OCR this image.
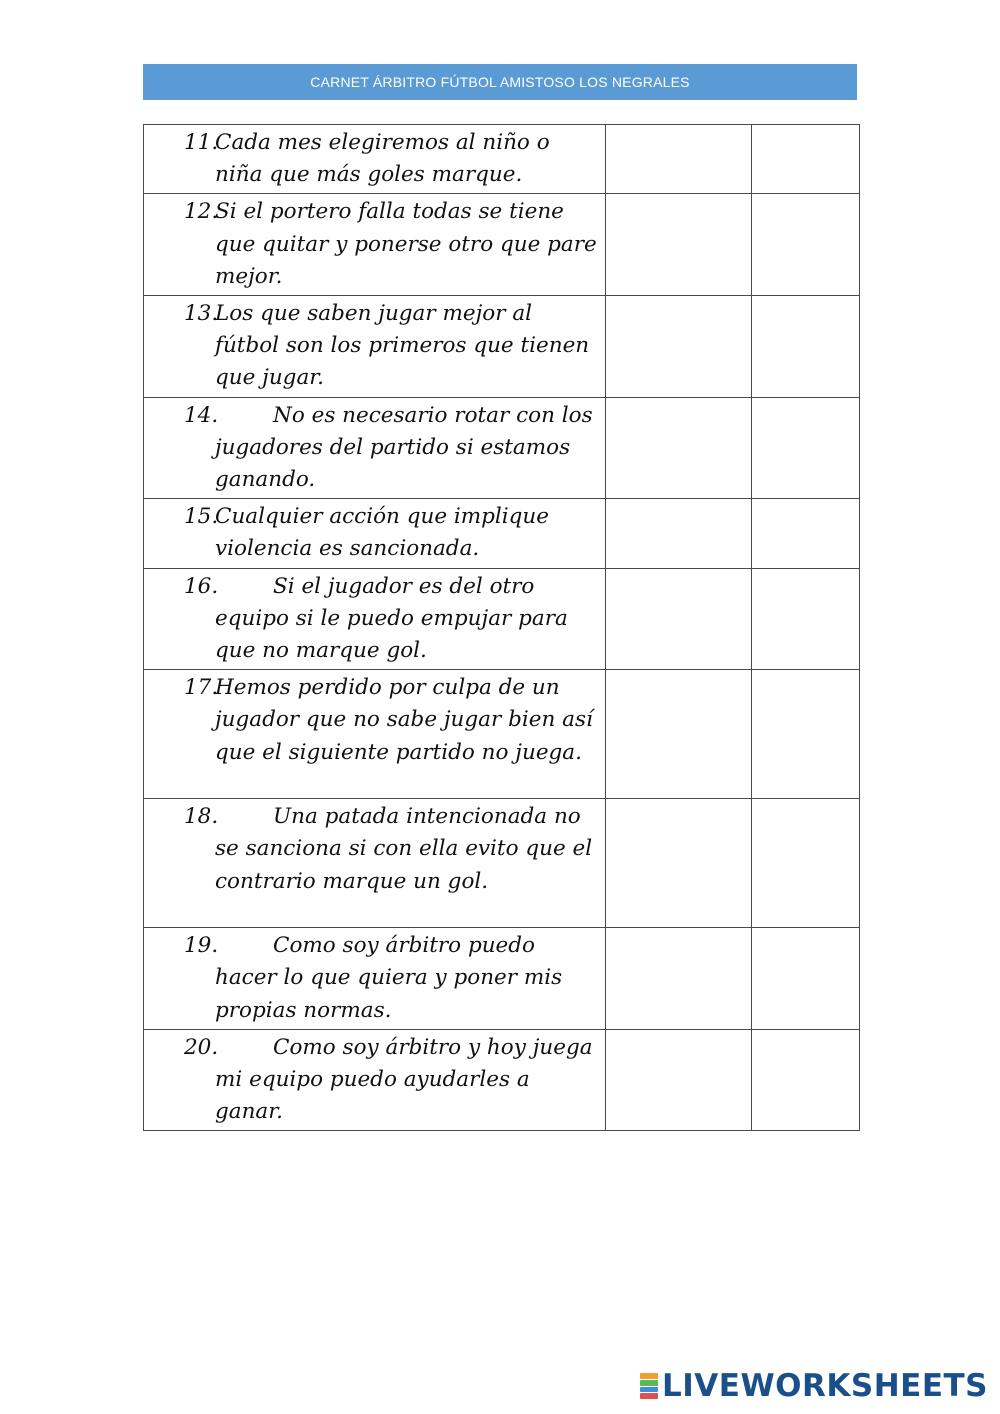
CARNET ÁRBITRO FÚTBOL AMISTOSO LOS NEGRALES
11.
Cada mes elegiremos al niño o niña que más goles marque.		

12.
Si el portero falla todas se tiene que quitar y ponerse otro que pare mejor.		

13.
Los que saben jugar mejor al fútbol son los primeros que tienen que jugar.		

14. No es necesario rotar con los jugadores del partido si estamos ganando.		

15.
Cualquier acción que implique violencia es sancionada.		

16. Si el jugador es del otro equipo si le puedo empujar para que no marque gol.		

17.
Hemos perdido por culpa de un jugador que no sabe jugar bien así que el siguiente partido no juega.		

18. Una patada intencionada no se sanciona si con ella evito que el contrario marque un gol.		

19. Como soy árbitro puedo hacer lo que quiera y poner mis propias normas.		

20. Como soy árbitro y hoy juega mi equipo puedo ayudarles a ganar.		

LIVEWORKSHEETS
